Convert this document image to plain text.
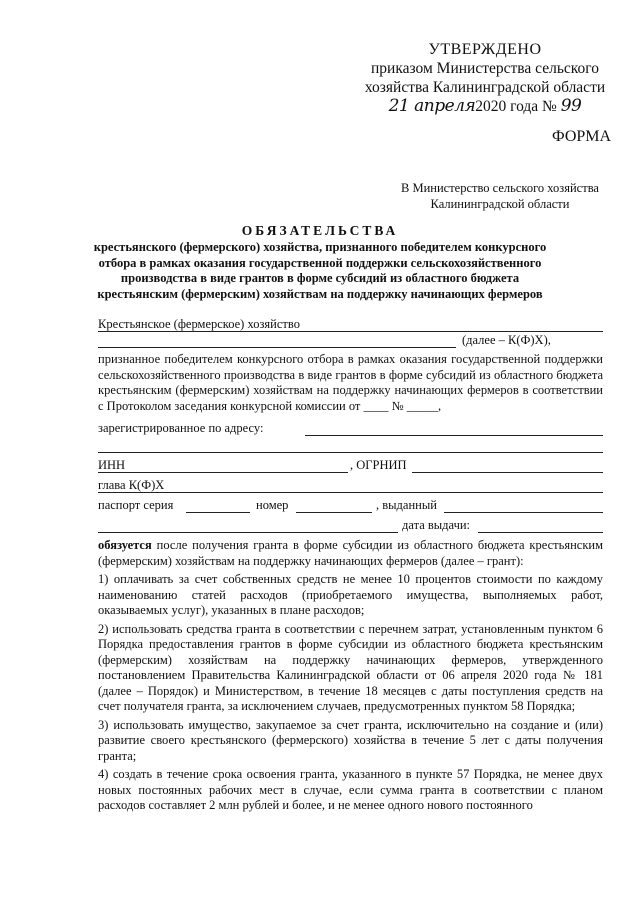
УТВЕРЖДЕНО
приказом Министерства сельского
хозяйства Калининградской области
21 апреля2020 года № 99
ФОРМА
В Министерство сельского хозяйства
Калининградской области
ОБЯЗАТЕЛЬСТВА
крестьянского (фермерского) хозяйства, признанного победителем конкурсного отбора в рамках оказания государственной поддержки сельскохозяйственного производства в виде грантов в форме субсидий из областного бюджета крестьянским (фермерским) хозяйствам на поддержку начинающих фермеров
Крестьянское (фермерское) хозяйство
(далее – К(Ф)Х),
признанное победителем конкурсного отбора в рамках оказания государственной поддержки сельскохозяйственного производства в виде грантов в форме субсидий из областного бюджета крестьянским (фермерским) хозяйствам на поддержку начинающих фермеров в соответствии с Протоколом заседания конкурсной комиссии от ____ № _____,
зарегистрированное по адресу:
ИНН	, ОГРНИП
глава К(Ф)Х
паспорт серия	номер	, выданный
дата выдачи:

обязуется после получения гранта в форме субсидии из областного бюджета крестьянским (фермерским) хозяйствам на поддержку начинающих фермеров (далее – грант):

1) оплачивать за счет собственных средств не менее 10 процентов стоимости по каждому наименованию статей расходов (приобретаемого имущества, выполняемых работ, оказываемых услуг), указанных в плане расходов;

2) использовать средства гранта в соответствии с перечнем затрат, установленным пунктом 6 Порядка предоставления грантов в форме субсидии из областного бюджета крестьянским (фермерским) хозяйствам на поддержку начинающих фермеров, утвержденного постановлением Правительства Калининградской области от 06 апреля 2020 года № 181 (далее – Порядок) и Министерством, в течение 18 месяцев с даты поступления средств на счет получателя гранта, за исключением случаев, предусмотренных пунктом 58 Порядка;

3) использовать имущество, закупаемое за счет гранта, исключительно на создание и (или) развитие своего крестьянского (фермерского) хозяйства в течение 5 лет с даты получения гранта;

4) создать в течение срока освоения гранта, указанного в пункте 57 Порядка, не менее двух новых постоянных рабочих мест в случае, если сумма гранта в соответствии с планом расходов составляет 2 млн рублей и более, и не менее одного нового постоянного
